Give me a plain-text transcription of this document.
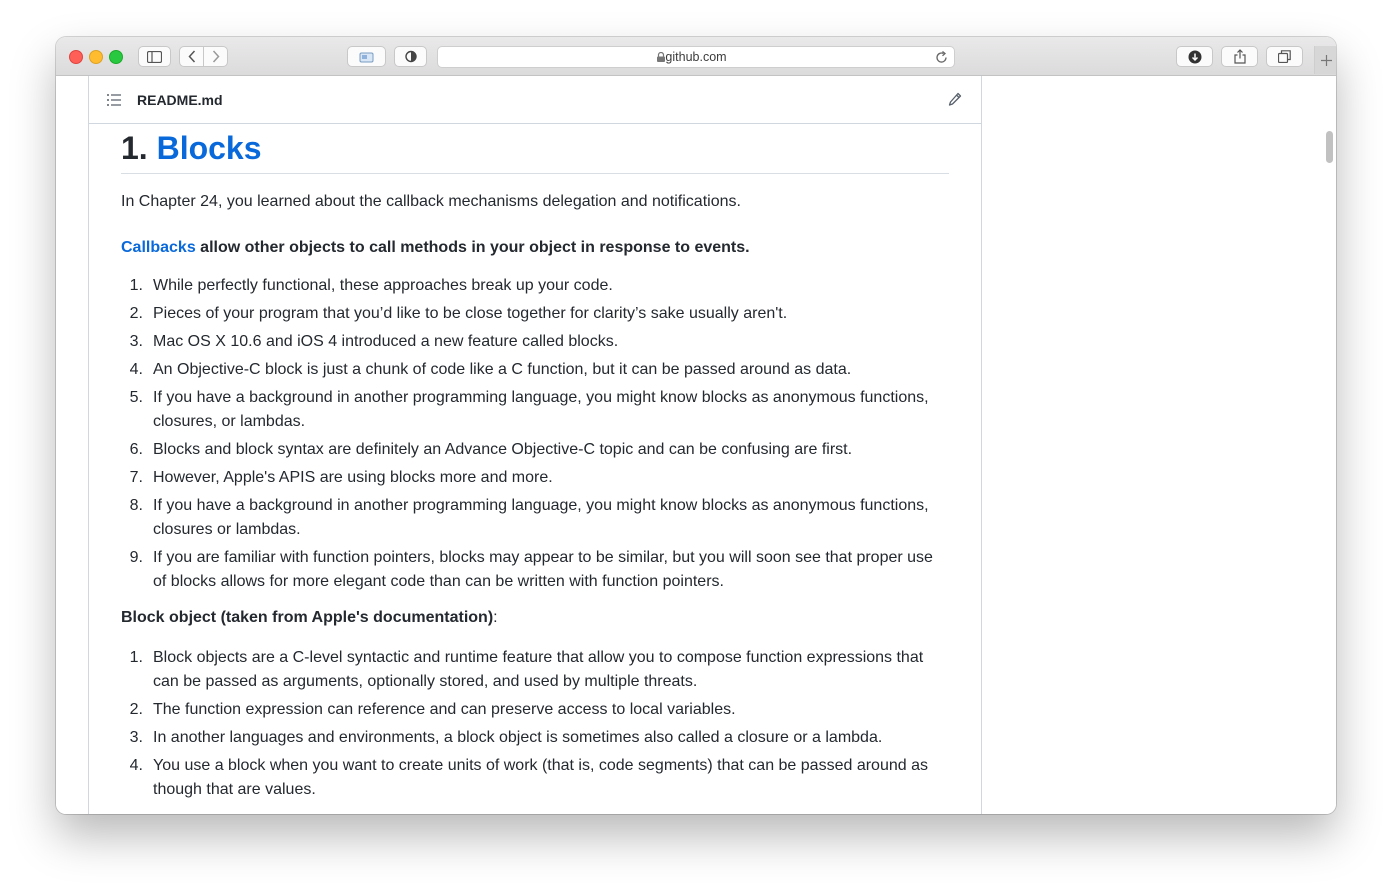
github.com
README.md
1. Blocks

In Chapter 24, you learned about the callback mechanisms delegation and notifications.

Callbacks allow other objects to call methods in your object in response to events.

1. While perfectly functional, these approaches break up your code.
2. Pieces of your program that you’d like to be close together for clarity’s sake usually aren't.
3. Mac OS X 10.6 and iOS 4 introduced a new feature called blocks.
4. An Objective-C block is just a chunk of code like a C function, but it can be passed around as data.
5. If you have a background in another programming language, you might know blocks as anonymous functions, closures, or lambdas.
6. Blocks and block syntax are definitely an Advance Objective-C topic and can be confusing are first.
7. However, Apple's APIS are using blocks more and more.
8. If you have a background in another programming language, you might know blocks as anonymous functions, closures or lambdas.
9. If you are familiar with function pointers, blocks may appear to be similar, but you will soon see that proper use of blocks allows for more elegant code than can be written with function pointers.

Block object (taken from Apple's documentation):

1. Block objects are a C-level syntactic and runtime feature that allow you to compose function expressions that can be passed as arguments, optionally stored, and used by multiple threats.
2. The function expression can reference and can preserve access to local variables.
3. In another languages and environments, a block object is sometimes also called a closure or a lambda.
4. You use a block when you want to create units of work (that is, code segments) that can be passed around as though that are values.
